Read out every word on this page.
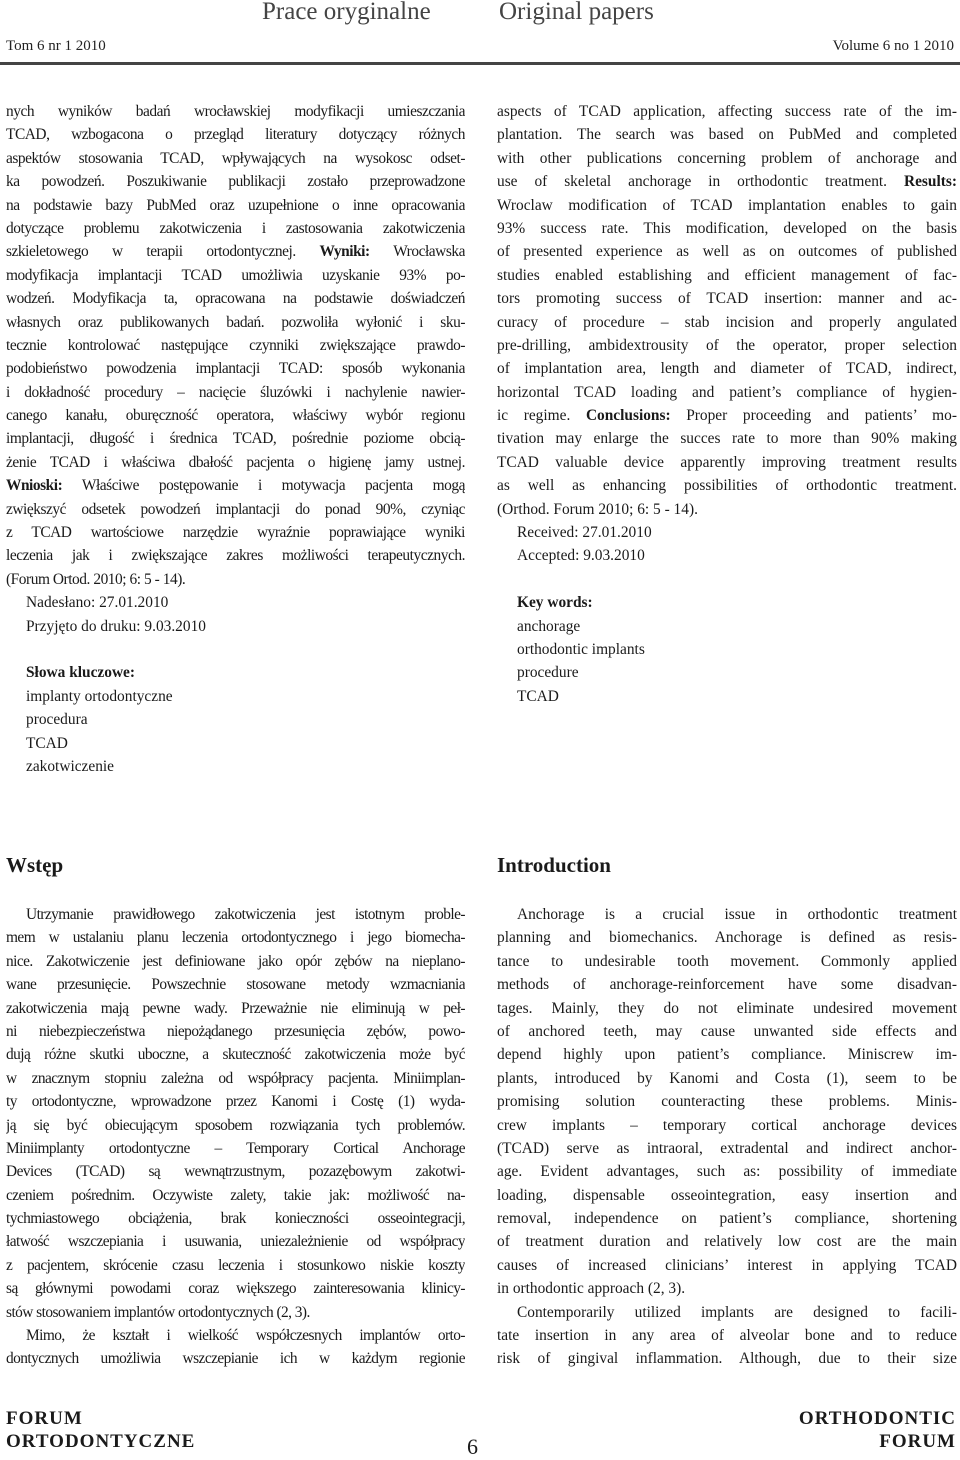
Prace oryginalne	Original papers
Tom 6 nr 1 2010	Volume 6 no 1 2010
nych wyników badań wrocławskiej modyfikacji umieszczania
TCAD, wzbogacona o przegląd literatury dotyczący różnych
aspektów stosowania TCAD, wpływających na wysokosc odset-
ka powodzeń. Poszukiwanie publikacji zostało przeprowadzone
na podstawie bazy PubMed oraz uzupełnione o inne opracowania
dotyczące problemu zakotwiczenia i zastosowania zakotwiczenia
szkieletowego w terapii ortodontycznej. Wyniki: Wrocławska
modyfikacja implantacji TCAD umożliwia uzyskanie 93% po-
wodzeń. Modyfikacja ta, opracowana na podstawie doświadczeń
własnych oraz publikowanych badań. pozwoliła wyłonić i sku-
tecznie kontrolować następujące czynniki zwiększające prawdo-
podobieństwo powodzenia implantacji TCAD: sposób wykonania
i dokładność procedury – nacięcie śluzówki i nachylenie nawier-
canego kanału, oburęczność operatora, właściwy wybór regionu
implantacji, długość i średnica TCAD, pośrednie poziome obcią-
żenie TCAD i właściwa dbałość pacjenta o higienę jamy ustnej.
Wnioski: Właściwe postępowanie i motywacja pacjenta mogą
zwiększyć odsetek powodzeń implantacji do ponad 90%, czyniąc
z TCAD wartościowe narzędzie wyraźnie poprawiające wyniki
leczenia jak i zwiększające zakres możliwości terapeutycznych.
(Forum Ortod. 2010; 6: 5 - 14).
Nadesłano: 27.01.2010
Przyjęto do druku: 9.03.2010
Słowa kluczowe:
implanty ortodontyczne
procedura
TCAD
zakotwiczenie
aspects of TCAD application, affecting success rate of the im-
plantation. The search was based on PubMed and completed
with other publications concerning problem of anchorage and
use of skeletal anchorage in orthodontic treatment. Results:
Wroclaw modification of TCAD implantation enables to gain
93% success rate. This modification, developed on the basis
of presented experience as well as on outcomes of published
studies enabled establishing and efficient management of fac-
tors promoting success of TCAD insertion: manner and ac-
curacy of procedure – stab incision and properly angulated
pre-drilling, ambidextrousity of the operator, proper selection
of implantation area, length and diameter of TCAD, indirect,
horizontal TCAD loading and patient’s compliance of hygien-
ic regime. Conclusions: Proper proceeding and patients’ mo-
tivation may enlarge the succes rate to more than 90% making
TCAD valuable device apparently improving treatment results
as well as enhancing possibilities of orthodontic treatment.
(Orthod. Forum 2010; 6: 5 - 14).
Received: 27.01.2010
Accepted: 9.03.2010
Key words:
anchorage
orthodontic implants
procedure
TCAD
Wstęp	Introduction
Utrzymanie prawidłowego zakotwiczenia jest istotnym proble-
mem w ustalaniu planu leczenia ortodontycznego i jego biomecha-
nice. Zakotwiczenie jest definiowane jako opór zębów na nieplano-
wane przesunięcie. Powszechnie stosowane metody wzmacniania
zakotwiczenia mają pewne wady. Przeważnie nie eliminują w peł-
ni niebezpieczeństwa niepożądanego przesunięcia zębów, powo-
dują różne skutki uboczne, a skuteczność zakotwiczenia może być
w znacznym stopniu zależna od współpracy pacjenta. Miniimplan-
ty ortodontyczne, wprowadzone przez Kanomi i Costę (1) wyda-
ją się być obiecującym sposobem rozwiązania tych problemów.
Miniimplanty ortodontyczne – Temporary Cortical Anchorage
Devices (TCAD) są wewnątrzustnym, pozazębowym zakotwi-
czeniem pośrednim. Oczywiste zalety, takie jak: możliwość na-
tychmiastowego obciążenia, brak konieczności osseointegracji,
łatwość wszczepiania i usuwania, uniezależnienie od współpracy
z pacjentem, skrócenie czasu leczenia i stosunkowo niskie koszty
są głównymi powodami coraz większego zainteresowania klinicy-
stów stosowaniem implantów ortodontycznych (2, 3).
Mimo, że kształt i wielkość współczesnych implantów orto-
dontycznych umożliwia wszczepianie ich w każdym regionie
Anchorage is a crucial issue in orthodontic treatment
planning and biomechanics. Anchorage is defined as resis-
tance to undesirable tooth movement. Commonly applied
methods of anchorage-reinforcement have some disadvan-
tages. Mainly, they do not eliminate undesired movement
of anchored teeth, may cause unwanted side effects and
depend highly upon patient’s compliance. Miniscrew im-
plants, introduced by Kanomi and Costa (1), seem to be
promising solution counteracting these problems. Minis-
crew implants – temporary cortical anchorage devices
(TCAD) serve as intraoral, extradental and indirect anchor-
age. Evident advantages, such as: possibility of immediate
loading, dispensable osseointegration, easy insertion and
removal, independence on patient’s compliance, shortening
of treatment duration and relatively low cost are the main
causes of increased clinicians’ interest in applying TCAD
in orthodontic approach (2, 3).
Contemporarily utilized implants are designed to facili-
tate insertion in any area of alveolar bone and to reduce
risk of gingival inflammation. Although, due to their size
FORUM
ORTODONTYCZNE	6
ORTHODONTIC
FORUM
